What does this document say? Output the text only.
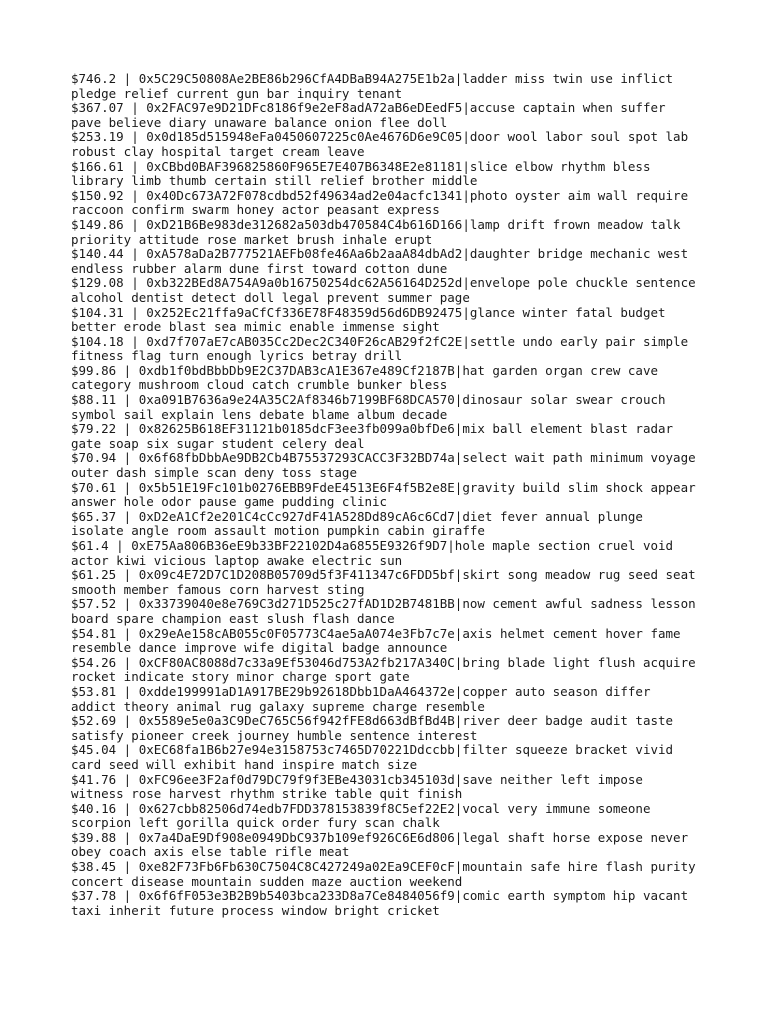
$746.2 | 0x5C29C50808Ae2BE86b296CfA4DBaB94A275E1b2a|ladder miss twin use inflict
pledge relief current gun bar inquiry tenant

$367.07 | 0x2FAC97e9D21DFc8186f9e2eF8adA72aB6eDEedF5|accuse captain when suffer
pave believe diary unaware balance onion flee doll

$253.19 | 0x0d185d515948eFa0450607225c0Ae4676D6e9C05|door wool labor soul spot lab
robust clay hospital target cream leave

$166.61 | 0xCBbd0BAF396825860F965E7E407B6348E2e81181|slice elbow rhythm bless
library limb thumb certain still relief brother middle

$150.92 | 0x40Dc673A72F078cdbd52f49634ad2e04acfc1341|photo oyster aim wall require
raccoon confirm swarm honey actor peasant express

$149.86 | 0xD21B6Be983de312682a503db470584C4b616D166|lamp drift frown meadow talk
priority attitude rose market brush inhale erupt

$140.44 | 0xA578aDa2B777521AEFb08fe46Aa6b2aaA84dbAd2|daughter bridge mechanic west
endless rubber alarm dune first toward cotton dune

$129.08 | 0xb322BEd8A754A9a0b16750254dc62A56164D252d|envelope pole chuckle sentence
alcohol dentist detect doll legal prevent summer page

$104.31 | 0x252Ec21ffa9aCfCf336E78F48359d56d6DB92475|glance winter fatal budget
better erode blast sea mimic enable immense sight

$104.18 | 0xd7f707aE7cAB035Cc2Dec2C340F26cAB29f2fC2E|settle undo early pair simple
fitness flag turn enough lyrics betray drill

$99.86 | 0xdb1f0bdBbbDb9E2C37DAB3cA1E367e489Cf2187B|hat garden organ crew cave
category mushroom cloud catch crumble bunker bless

$88.11 | 0xa091B7636a9e24A35C2Af8346b7199BF68DCA570|dinosaur solar swear crouch
symbol sail explain lens debate blame album decade

$79.22 | 0x82625B618EF31121b0185dcF3ee3fb099a0bfDe6|mix ball element blast radar
gate soap six sugar student celery deal

$70.94 | 0x6f68fbDbbAe9DB2Cb4B75537293CACC3F32BD74a|select wait path minimum voyage
outer dash simple scan deny toss stage

$70.61 | 0x5b51E19Fc101b0276EBB9FdeE4513E6F4f5B2e8E|gravity build slim shock appear
answer hole odor pause game pudding clinic

$65.37 | 0xD2eA1Cf2e201C4cCc927dF41A528Dd89cA6c6Cd7|diet fever annual plunge
isolate angle room assault motion pumpkin cabin giraffe

$61.4 | 0xE75Aa806B36eE9b33BF22102D4a6855E9326f9D7|hole maple section cruel void
actor kiwi vicious laptop awake electric sun

$61.25 | 0x09c4E72D7C1D208B05709d5f3F411347c6FDD5bf|skirt song meadow rug seed seat
smooth member famous corn harvest sting

$57.52 | 0x33739040e8e769C3d271D525c27fAD1D2B7481BB|now cement awful sadness lesson
board spare champion east slush flash dance

$54.81 | 0x29eAe158cAB055c0F05773C4ae5aA074e3Fb7c7e|axis helmet cement hover fame
resemble dance improve wife digital badge announce

$54.26 | 0xCF80AC8088d7c33a9Ef53046d753A2fb217A340C|bring blade light flush acquire
rocket indicate story minor charge sport gate

$53.81 | 0xdde199991aD1A917BE29b92618Dbb1DaA464372e|copper auto season differ
addict theory animal rug galaxy supreme charge resemble

$52.69 | 0x5589e5e0a3C9DeC765C56f942fFE8d663dBfBd4B|river deer badge audit taste
satisfy pioneer creek journey humble sentence interest

$45.04 | 0xEC68fa1B6b27e94e3158753c7465D70221Ddccbb|filter squeeze bracket vivid
card seed will exhibit hand inspire match size

$41.76 | 0xFC96ee3F2af0d79DC79f9f3EBe43031cb345103d|save neither left impose
witness rose harvest rhythm strike table quit finish

$40.16 | 0x627cbb82506d74edb7FDD378153839f8C5ef22E2|vocal very immune someone
scorpion left gorilla quick order fury scan chalk

$39.88 | 0x7a4DaE9Df908e0949DbC937b109ef926C6E6d806|legal shaft horse expose never
obey coach axis else table rifle meat

$38.45 | 0xe82F73Fb6Fb630C7504C8C427249a02Ea9CEF0cF|mountain safe hire flash purity
concert disease mountain sudden maze auction weekend

$37.78 | 0x6f6fF053e3B2B9b5403bca233D8a7Ce8484056f9|comic earth symptom hip vacant
taxi inherit future process window bright cricket
